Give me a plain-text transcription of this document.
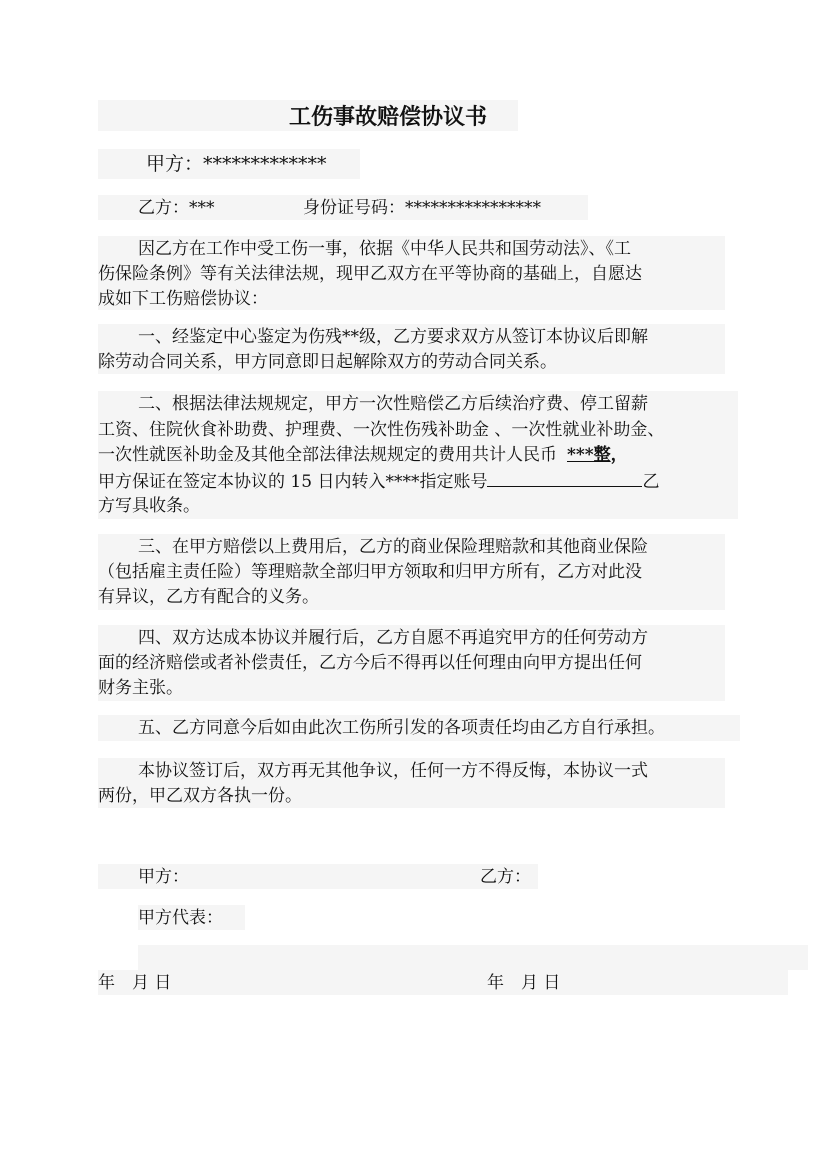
工伤事故赔偿协议书
甲方：*************
乙方：***	身份证号码：****************
因乙方在工作中受工伤一事，依据《中华人民共和国劳动法》、《工
伤保险条例》等有关法律法规，现甲乙双方在平等协商的基础上，自愿达
成如下工伤赔偿协议：
一、经鉴定中心鉴定为伤残**级，乙方要求双方从签订本协议后即解
除劳动合同关系，甲方同意即日起解除双方的劳动合同关系。
二、根据法律法规规定，甲方一次性赔偿乙方后续治疗费、停工留薪
工资、住院伙食补助费、护理费、一次性伤残补助金 、一次性就业补助金、
一次性就医补助金及其他全部法律法规规定的费用共计人民币 ***整，
甲方保证在签定本协议的 15 日内转入****指定账号	乙
方写具收条。
三、在甲方赔偿以上费用后，乙方的商业保险理赔款和其他商业保险
（包括雇主责任险）等理赔款全部归甲方领取和归甲方所有，乙方对此没
有异议，乙方有配合的义务。
四、双方达成本协议并履行后，乙方自愿不再追究甲方的任何劳动方
面的经济赔偿或者补偿责任，乙方今后不得再以任何理由向甲方提出任何
财务主张。
五、乙方同意今后如由此次工伤所引发的各项责任均由乙方自行承担。
本协议签订后，双方再无其他争议，任何一方不得反悔，本协议一式
两份，甲乙双方各执一份。
甲方：	乙方：
甲方代表：
年　月 日	年　月 日
